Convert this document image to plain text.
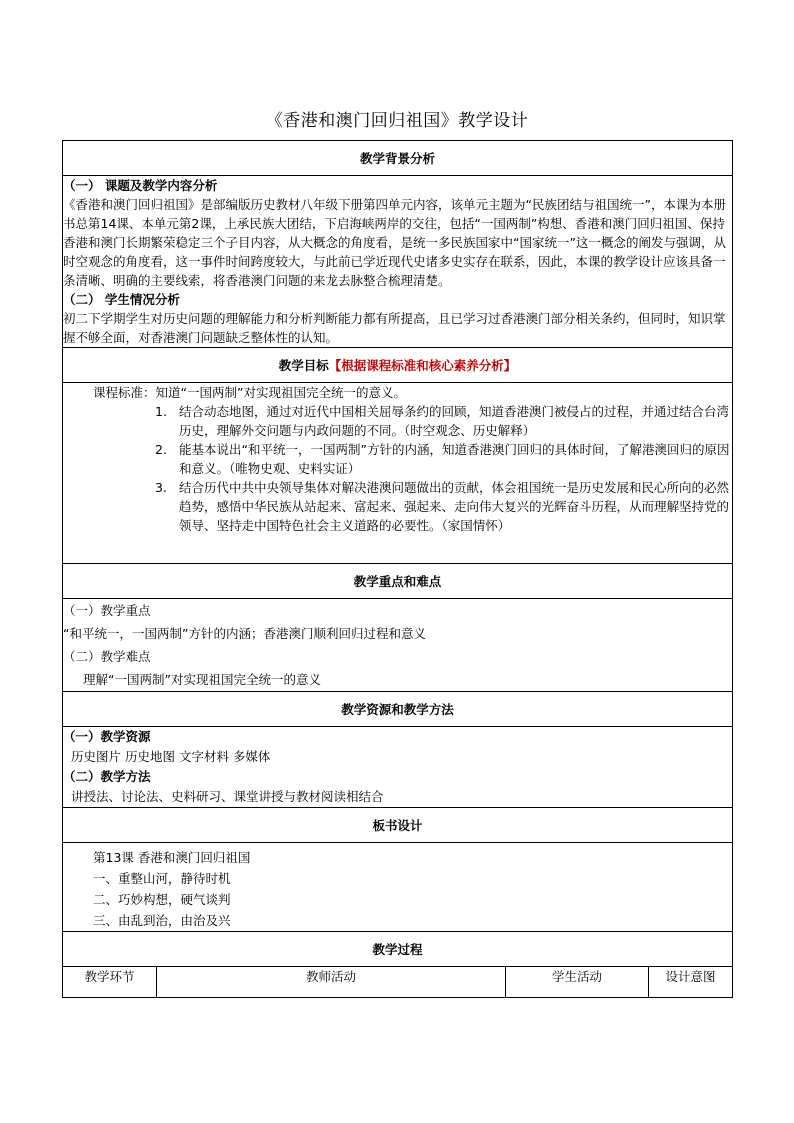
《香港和澳门回归祖国》教学设计
教学背景分析

（一） 课题及教学内容分析
《香港和澳门回归祖国》是部编版历史教材八年级下册第四单元内容，该单元主题为“民族团结与祖国统一”，本课为本册书总第14课、本单元第2课，上承民族大团结，下启海峡两岸的交往，包括“一国两制”构想、香港和澳门回归祖国、保持香港和澳门长期繁荣稳定三个子目内容，从大概念的角度看，是统一多民族国家中“国家统一”这一概念的阐发与强调，从时空观念的角度看，这一事件时间跨度较大，与此前已学近现代史诸多史实存在联系，因此，本课的教学设计应该具备一条清晰、明确的主要线索，将香港澳门问题的来龙去脉整合梳理清楚。
（二） 学生情况分析
初二下学期学生对历史问题的理解能力和分析判断能力都有所提高，且已学习过香港澳门部分相关条约，但同时，知识掌握不够全面，对香港澳门问题缺乏整体性的认知。

教学目标【根据课程标准和核心素养分析】

课程标准：知道“一国两制”对实现祖国完全统一的意义。
1. 结合动态地图，通过对近代中国相关屈辱条约的回顾，知道香港澳门被侵占的过程，并通过结合台湾历史，理解外交问题与内政问题的不同。（时空观念、历史解释）
2. 能基本说出“和平统一，一国两制”方针的内涵，知道香港澳门回归的具体时间，了解港澳回归的原因和意义。（唯物史观、史料实证）
3. 结合历代中共中央领导集体对解决港澳问题做出的贡献，体会祖国统一是历史发展和民心所向的必然趋势，感悟中华民族从站起来、富起来、强起来、走向伟大复兴的光辉奋斗历程，从而理解坚持党的领导、坚持走中国特色社会主义道路的必要性。（家国情怀）

教学重点和难点

（一）教学重点
“和平统一，一国两制”方针的内涵；香港澳门顺利回归过程和意义
（二）教学难点
理解“一国两制”对实现祖国完全统一的意义

教学资源和教学方法

（一）教学资源
历史图片 历史地图 文字材料 多媒体
（二）教学方法
讲授法、讨论法、史料研习、课堂讲授与教材阅读相结合

板书设计

第13课 香港和澳门回归祖国
一、重整山河，静待时机
二、巧妙构想，硬气谈判
三、由乱到治，由治及兴

教学过程
教学环节	教师活动	学生活动	设计意图
